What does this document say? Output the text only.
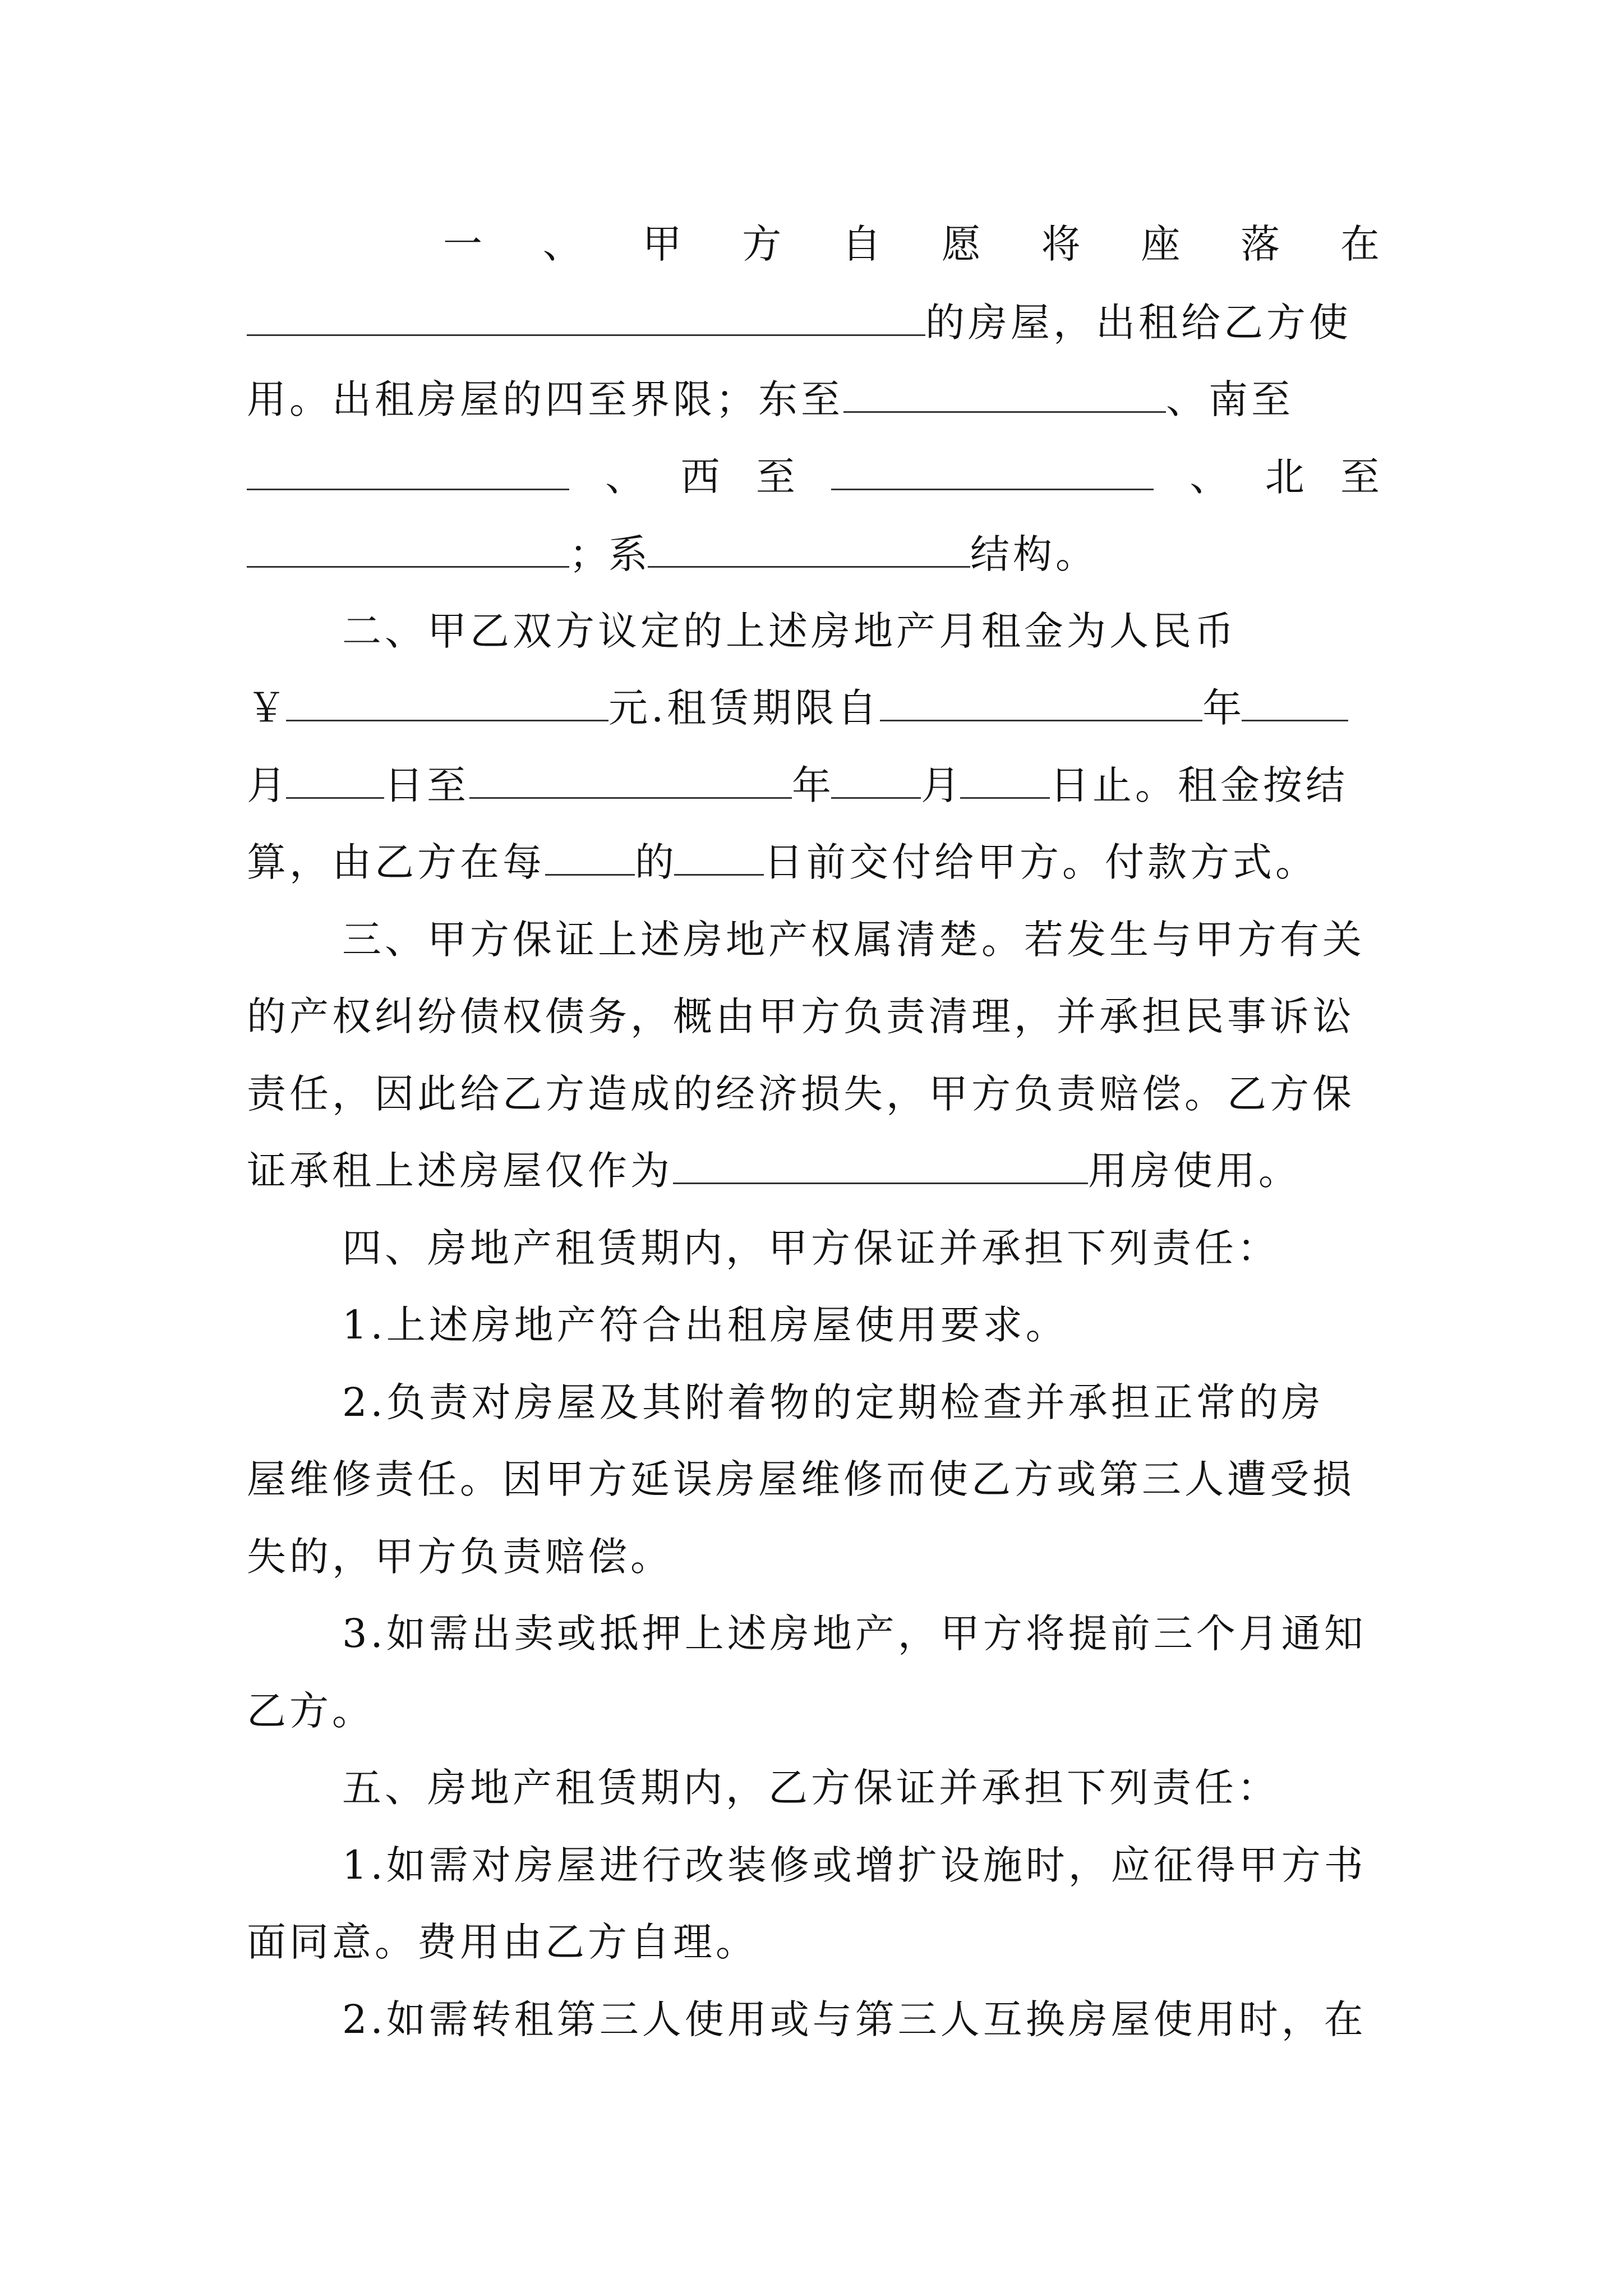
一 、 甲 方 自 愿 将 座 落 在
的房屋，出租给乙方使
用。出租房屋的四至界限；东至	、南至
、 西 至	、 北 至
；系	结构。
二、甲乙双方议定的上述房地产月租金为人民币
￥	元.租赁期限自	年
月	日至	年 月 日止。租金按结
算，由乙方在每 的 日前交付给甲方。付款方式。
三、甲方保证上述房地产权属清楚。若发生与甲方有关
的产权纠纷债权债务，概由甲方负责清理，并承担民事诉讼
责任，因此给乙方造成的经济损失，甲方负责赔偿。乙方保
证承租上述房屋仅作为	用房使用。
四、房地产租赁期内，甲方保证并承担下列责任：
1.上述房地产符合出租房屋使用要求。
2.负责对房屋及其附着物的定期检查并承担正常的房
屋维修责任。因甲方延误房屋维修而使乙方或第三人遭受损
失的，甲方负责赔偿。
3.如需出卖或抵押上述房地产，甲方将提前三个月通知
乙方。
五、房地产租赁期内，乙方保证并承担下列责任：
1.如需对房屋进行改装修或增扩设施时，应征得甲方书
面同意。费用由乙方自理。
2.如需转租第三人使用或与第三人互换房屋使用时，在
